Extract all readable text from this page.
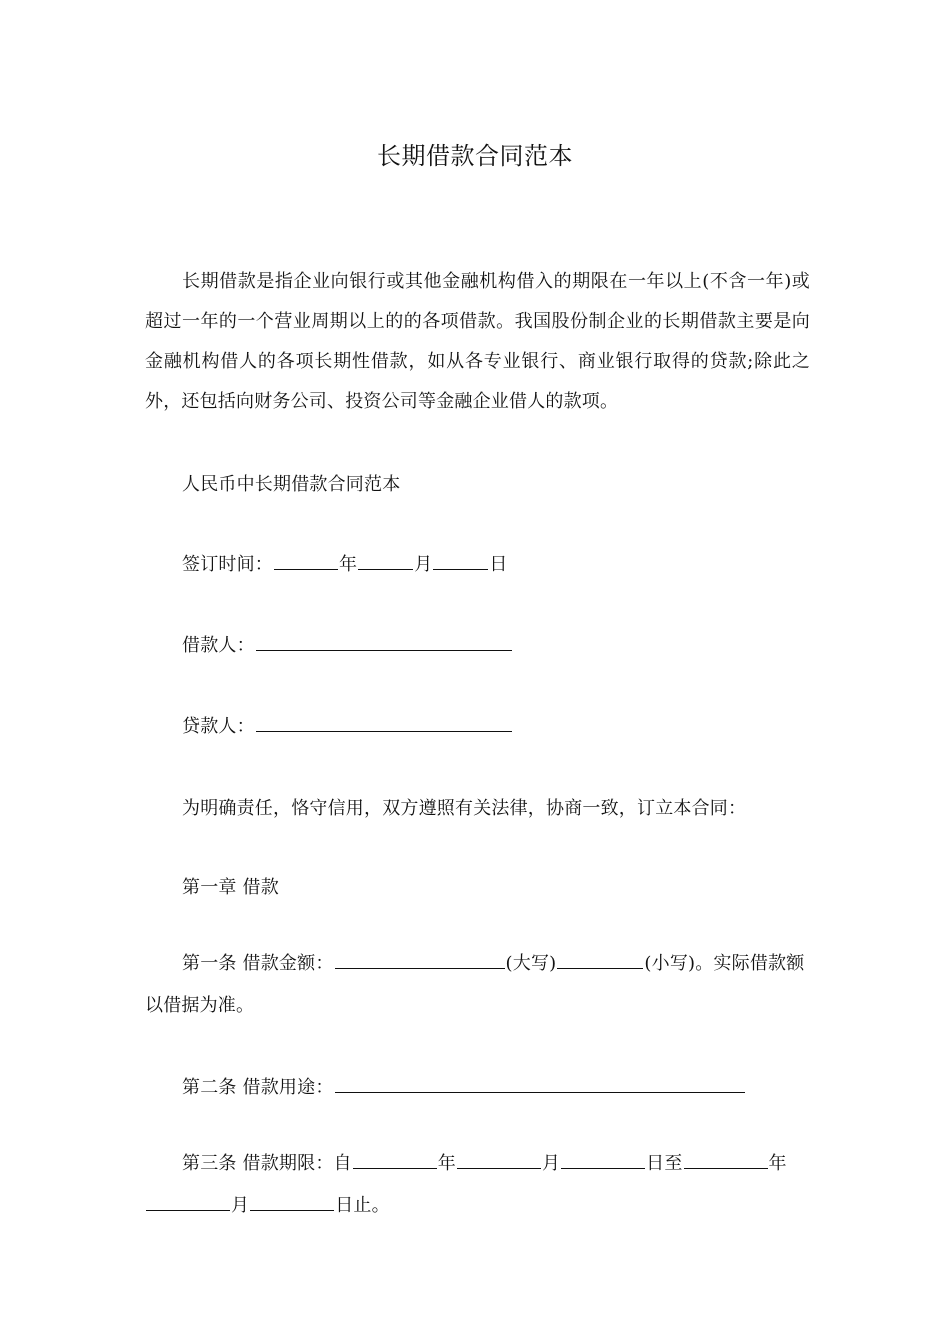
长期借款合同范本
长期借款是指企业向银行或其他金融机构借入的期限在一年以上(不含一年)或超过一年的一个营业周期以上的的各项借款。我国股份制企业的长期借款主要是向金融机构借人的各项长期性借款，如从各专业银行、商业银行取得的贷款;除此之外，还包括向财务公司、投资公司等金融企业借人的款项。
人民币中长期借款合同范本
签订时间：	年	月	日
借款人：
贷款人：
为明确责任，恪守信用，双方遵照有关法律，协商一致，订立本合同：
第一章 借款
第一条 借款金额：	(大写)	(小写)。实际借款额以借据为准。
第二条 借款用途：
第三条 借款期限：自	年	月	日至	年月	日止。
